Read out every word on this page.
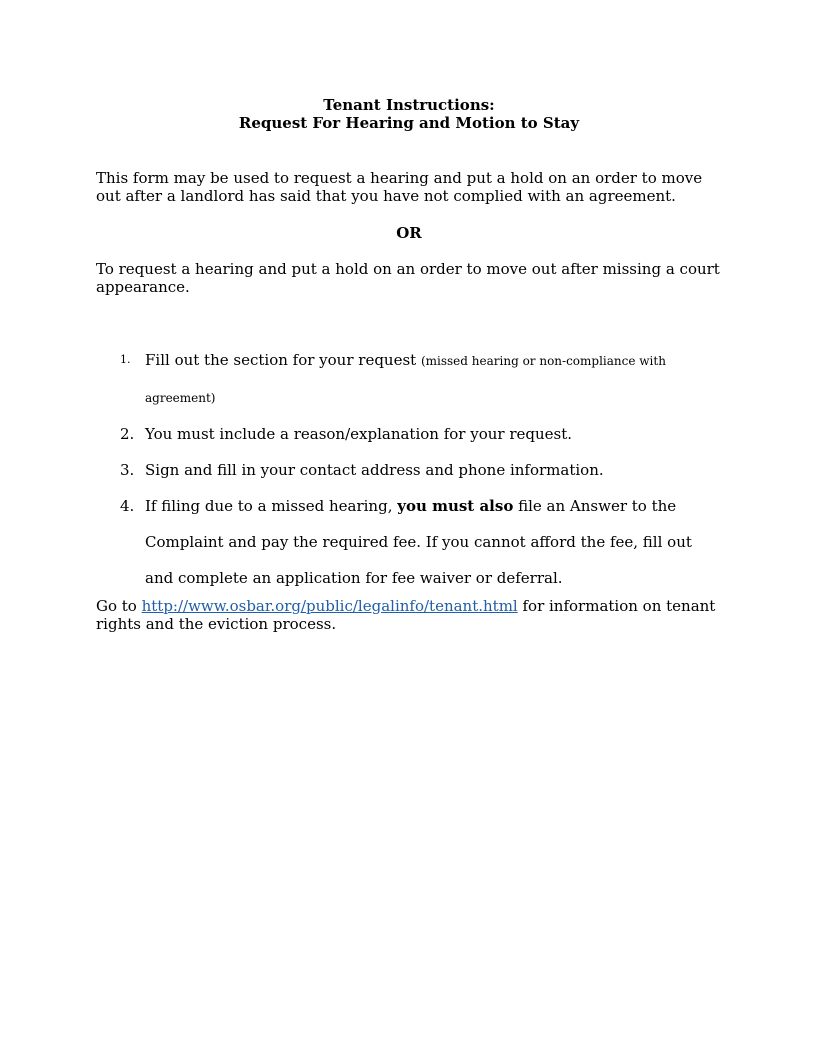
Tenant Instructions:
Request For Hearing and Motion to Stay
This form may be used to request a hearing and put a hold on an order to move out after a landlord has said that you have not complied with an agreement.
OR
To request a hearing and put a hold on an order to move out after missing a court appearance.
1. Fill out the section for your request (missed hearing or non-compliance with agreement)
2. You must include a reason/explanation for your request.
3. Sign and fill in your contact address and phone information.
4. If filing due to a missed hearing, you must also file an Answer to the Complaint and pay the required fee. If you cannot afford the fee, fill out and complete an application for fee waiver or deferral.
Go to http://www.osbar.org/public/legalinfo/tenant.html for information on tenant rights and the eviction process.
